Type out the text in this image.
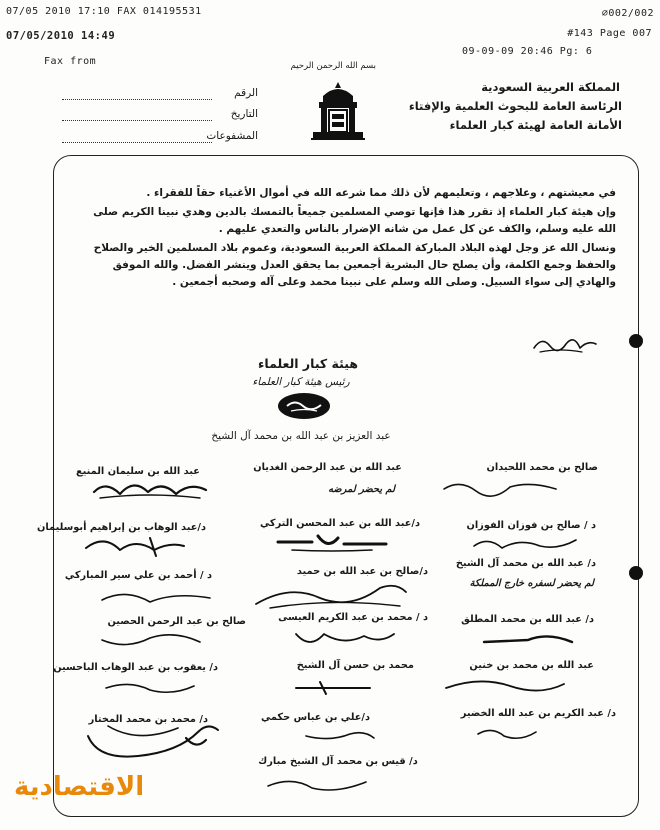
07/05 2010 17:10 FAX 014195531	∅002/002
07/05/2010 14:49	#143 Page 007
Fax from
09-09-09 20:46 Pg: 6
بسم الله الرحمن الرحيم
المملكة العربية السعودية
الرئاسة العامة للبحوث العلمية والإفتاء
الأمانة العامة لهيئة كبار العلماء
الرقم
التاريخ
المشفوعات

في معيشتهم ، وعلاجهم ، وتعليمهم لأن ذلك مما شرعه الله في أموال الأغنياء حقاً للفقراء .

وإن هيئة كبار العلماء إذ تقرر هذا فإنها توصي المسلمين جميعاً بالتمسك بالدين وهدي نبينا الكريم صلى الله عليه وسلم، والكف عن كل عمل من شانه الإضرار بالناس والتعدي عليهم .

ونسال الله عز وجل لهذه البلاد المباركة المملكة العربية السعودية، وعموم بلاد المسلمين الخير والصلاح والحفظ وجمع الكلمة، وأن يصلح حال البشرية أجمعين بما يحقق العدل وينشر الفضل. والله الموفق والهادي إلى سواء السبيل. وصلى الله وسلم على نبينا محمد وعلى آله وصحبه أجمعين .

هيئة كبار العلماء
رئيس هيئة كبار العلماء
عبد العزيز بن عبد الله بن محمد آل الشيخ
صالح بن محمد اللحيدان
عبد الله بن عبد الرحمن الغديان
عبد الله بن سليمان المنيع
لم يحضر لمرضه
د / صالح بن فوزان الفوزان
د/عبد الله بن عبد المحسن التركي
د/عبد الوهاب بن إبراهيم أبوسليمان
د/ عبد الله بن محمد آل الشيخ
د/صالح بن عبد الله بن حميد
د / أحمد بن علي سير المباركي
لم يحضر لسفره خارج المملكة
د/ عبد الله بن محمد المطلق
د / محمد بن عبد الكريم العيسى
صالح بن عبد الرحمن الحصين
عبد الله بن محمد بن خنين
محمد بن حسن آل الشيخ
د/ يعقوب بن عبد الوهاب الباحسين
د/ عبد الكريم بن عبد الله الخضير
د/علي بن عباس حكمي
د/ محمد بن محمد المختار
د/ قيس بن محمد آل الشيخ مبارك
الاقتصادية
